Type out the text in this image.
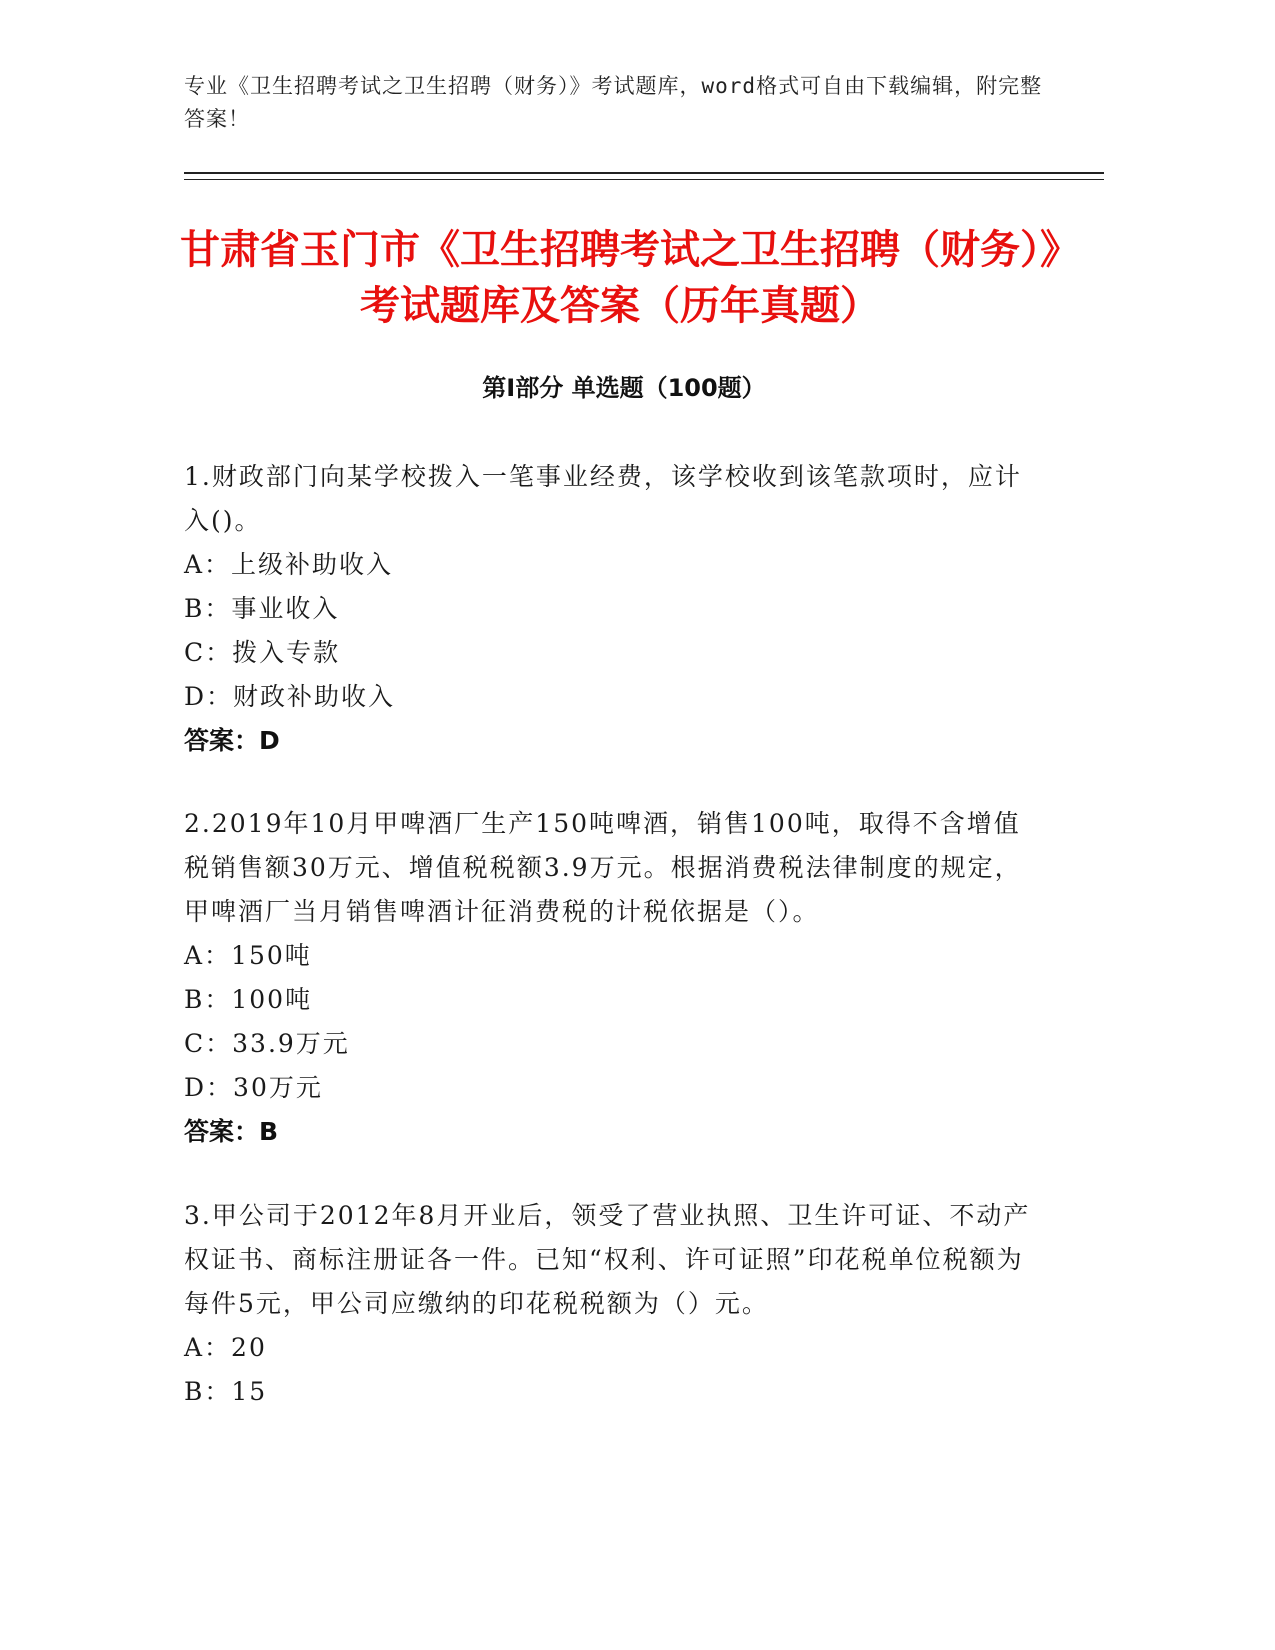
专业《卫生招聘考试之卫生招聘（财务）》考试题库，word格式可自由下载编辑，附完整答案！
甘肃省玉门市《卫生招聘考试之卫生招聘（财务）》考试题库及答案（历年真题）
第I部分 单选题（100题）

1.财政部门向某学校拨入一笔事业经费，该学校收到该笔款项时，应计入()。

A：上级补助收入

B：事业收入

C：拨入专款

D：财政补助收入

答案：D

2.2019年10月甲啤酒厂生产150吨啤酒，销售100吨，取得不含增值税销售额30万元、增值税税额3.9万元。根据消费税法律制度的规定，甲啤酒厂当月销售啤酒计征消费税的计税依据是（）。

A：150吨

B：100吨

C：33.9万元

D：30万元

答案：B

3.甲公司于2012年8月开业后，领受了营业执照、卫生许可证、不动产权证书、商标注册证各一件。已知“权利、许可证照”印花税单位税额为每件5元，甲公司应缴纳的印花税税额为（）元。

A：20

B：15
